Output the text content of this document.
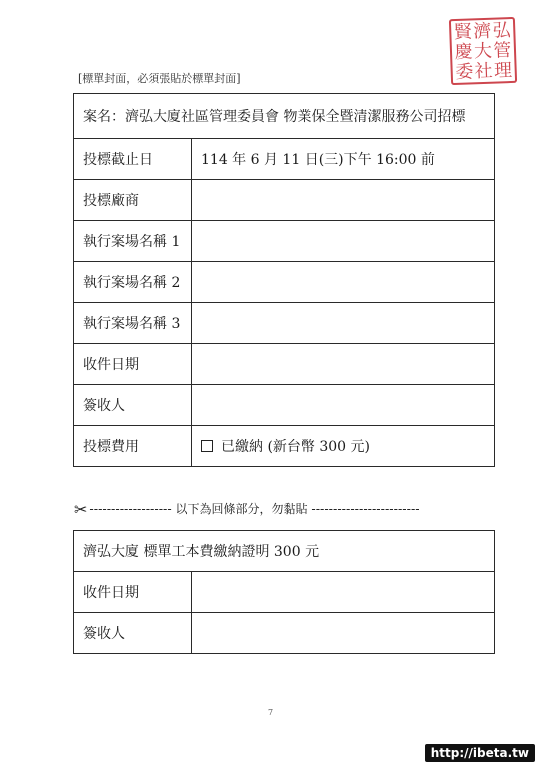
賢 濟 弘
慶 大 管
委 社 理
[標單封面，必須張貼於標單封面]
案名：濟弘大廈社區管理委員會 物業保全暨清潔服務公司招標	
投標截止日	114 年 6 月 11 日(三)下午 16:00 前
投標廠商	
執行案場名稱 1	
執行案場名稱 2	
執行案場名稱 3	
收件日期	
簽收人	
投標費用	已繳納 (新台幣 300 元)
✂ ------------------- 以下為回條部分，勿黏貼 -------------------------
濟弘大廈 標單工本費繳納證明 300 元	
收件日期	
簽收人	
7
http://ibeta.tw
